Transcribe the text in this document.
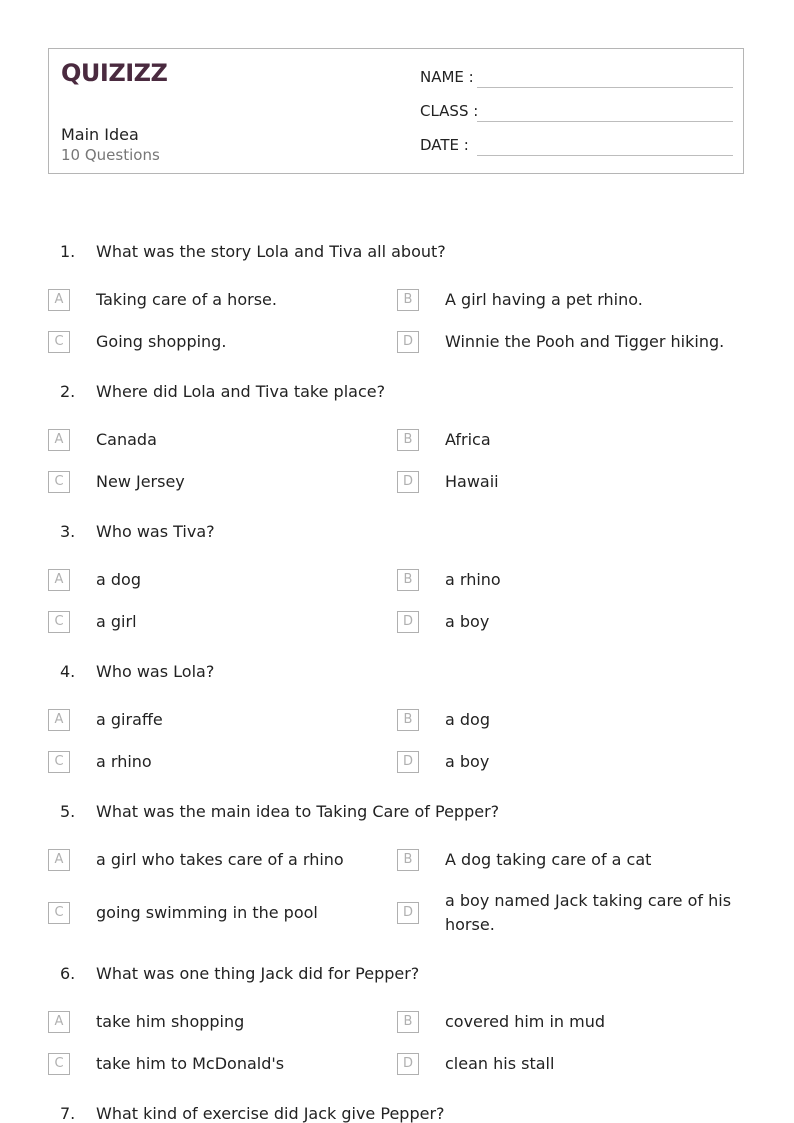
QUIZIZZ
Main Idea
10 Questions
NAME :
CLASS :
DATE :
1.	What was the story Lola and Tiva all about?
A	Taking care of a horse.	B	A girl having a pet rhino.
C	Going shopping.	D	Winnie the Pooh and Tigger hiking.
2.	Where did Lola and Tiva take place?
A	Canada	B	Africa
C	New Jersey	D	Hawaii
3.	Who was Tiva?
A	a dog	B	a rhino
C	a girl	D	a boy
4.	Who was Lola?
A	a giraffe	B	a dog
C	a rhino	D	a boy
5.	What was the main idea to Taking Care of Pepper?
A	a girl who takes care of a rhino	B	A dog taking care of a cat
C	going swimming in the pool	D
a boy named Jack taking care of his horse.
6.	What was one thing Jack did for Pepper?
A	take him shopping	B	covered him in mud
C	take him to McDonald's	D	clean his stall
7.	What kind of exercise did Jack give Pepper?
